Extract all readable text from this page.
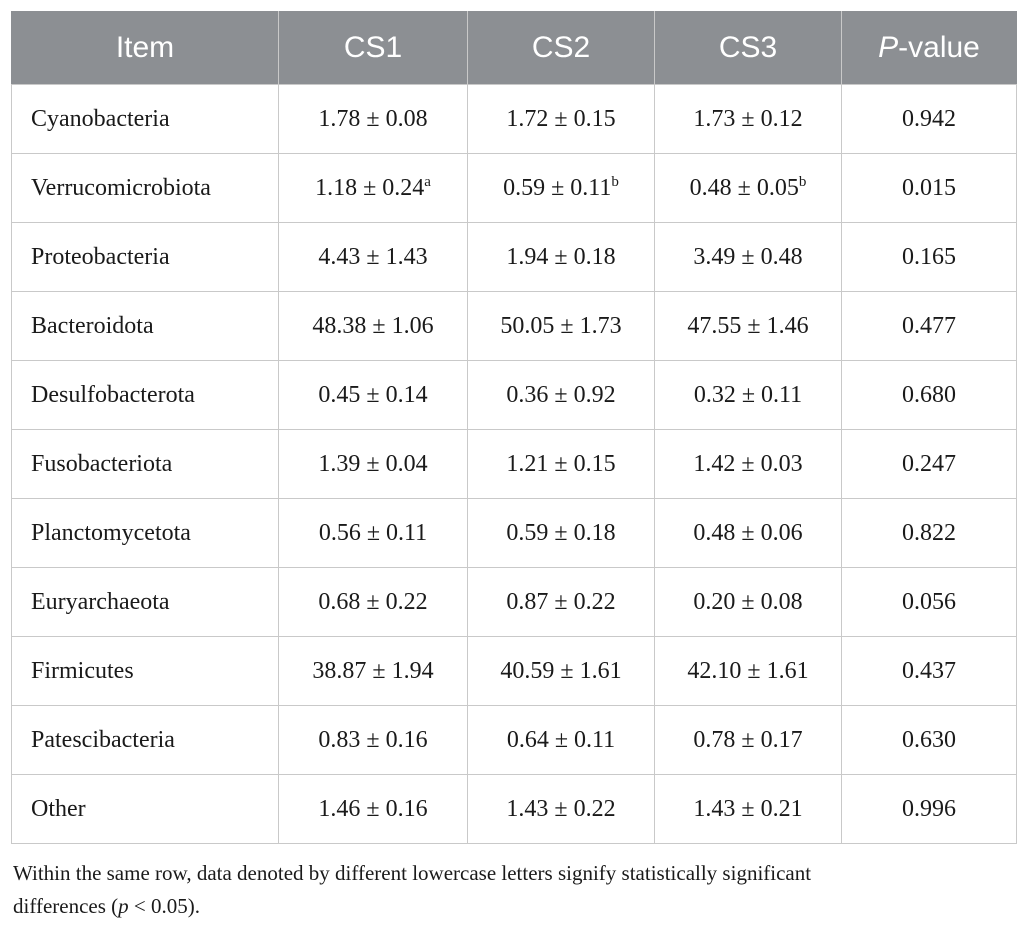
Item	CS1	CS2	CS3	P-value
Cyanobacteria	1.78 ± 0.08	1.72 ± 0.15	1.73 ± 0.12	0.942
Verrucomicrobiota	1.18 ± 0.24$^a$	0.59 ± 0.11$^b$	0.48 ± 0.05$^b$	0.015
Proteobacteria	4.43 ± 1.43	1.94 ± 0.18	3.49 ± 0.48	0.165
Bacteroidota	48.38 ± 1.06	50.05 ± 1.73	47.55 ± 1.46	0.477
Desulfobacterota	0.45 ± 0.14	0.36 ± 0.92	0.32 ± 0.11	0.680
Fusobacteriota	1.39 ± 0.04	1.21 ± 0.15	1.42 ± 0.03	0.247
Planctomycetota	0.56 ± 0.11	0.59 ± 0.18	0.48 ± 0.06	0.822
Euryarchaeota	0.68 ± 0.22	0.87 ± 0.22	0.20 ± 0.08	0.056
Firmicutes	38.87 ± 1.94	40.59 ± 1.61	42.10 ± 1.61	0.437
Patescibacteria	0.83 ± 0.16	0.64 ± 0.11	0.78 ± 0.17	0.630
Other	1.46 ± 0.16	1.43 ± 0.22	1.43 ± 0.21	0.996
Within the same row, data denoted by different lowercase letters signify statistically significant
differences (p < 0.05).
